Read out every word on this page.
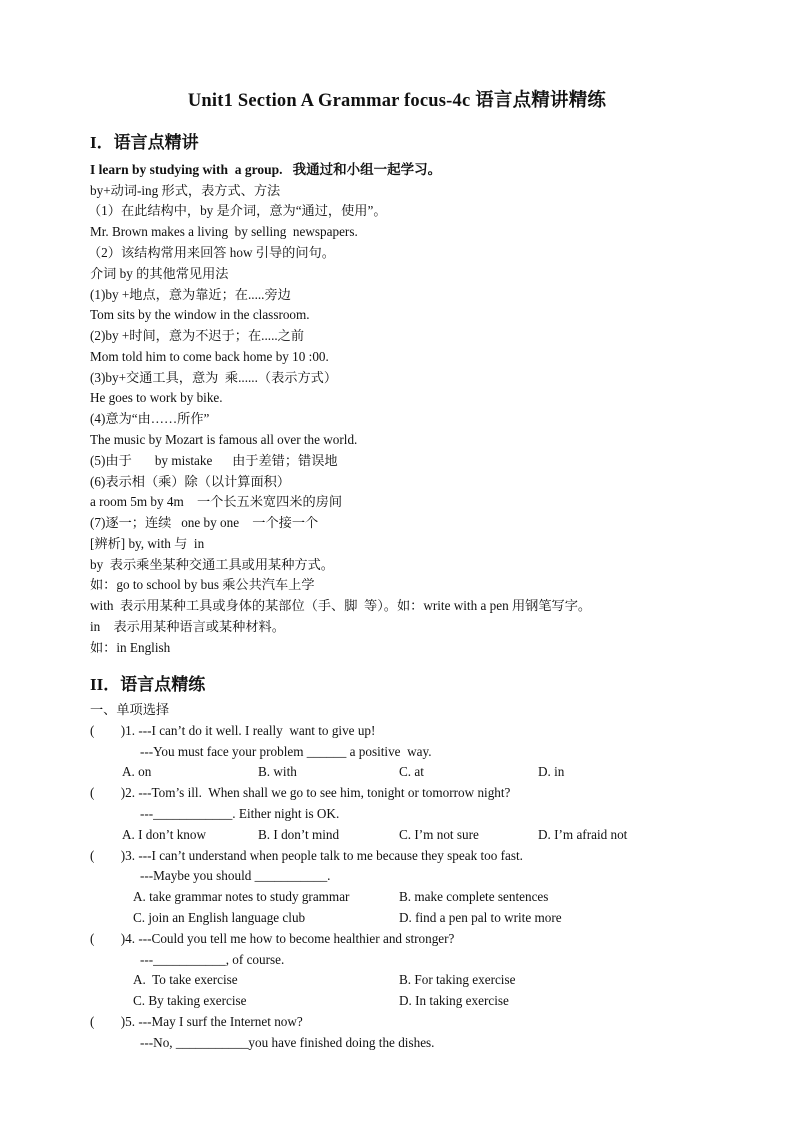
Unit1 Section A Grammar focus-4c 语言点精讲精练
I．语言点精讲
I learn by studying with  a group.   我通过和小组一起学习。
by+动词-ing 形式，表方式、方法
（1）在此结构中，by 是介词，意为“通过，使用”。
Mr. Brown makes a living  by selling  newspapers.
（2）该结构常用来回答 how 引导的问句。
介词 by 的其他常见用法
(1)by +地点，意为靠近；在.....旁边
Tom sits by the window in the classroom.
(2)by +时间，意为不迟于；在.....之前
Mom told him to come back home by 10 :00.
(3)by+交通工具，意为  乘......（表示方式）
He goes to work by bike.
(4)意为“由……所作”
The music by Mozart is famous all over the world.
(5)由于       by mistake      由于差错；错误地
(6)表示相（乘）除（以计算面积）
a room 5m by 4m    一个长五米宽四米的房间
(7)逐一；连续   one by one    一个接一个
[辨析] by, with 与  in
by  表示乘坐某种交通工具或用某种方式。
如：go to school by bus 乘公共汽车上学
with  表示用某种工具或身体的某部位（手、脚  等）。如：write with a pen 用钢笔写字。
in    表示用某种语言或某种材料。
如：in English
II．语言点精练
一、单项选择
(        )1. ---I can’t do it well. I really  want to give up!
---You must face your problem ______ a positive  way.
A. on	B. with	C. at	D. in
(        )2. ---Tom’s ill.  When shall we go to see him, tonight or tomorrow night?
---____________. Either night is OK.
A. I don’t know	B. I don’t mind	C. I’m not sure	D. I’m afraid not
(        )3. ---I can’t understand when people talk to me because they speak too fast.
---Maybe you should ___________.
A. take grammar notes to study grammar	B. make complete sentences
C. join an English language club	D. find a pen pal to write more
(        )4. ---Could you tell me how to become healthier and stronger?
---___________, of course.
A.  To take exercise	B. For taking exercise
C. By taking exercise	D. In taking exercise
(        )5. ---May I surf the Internet now?
---No, ___________you have finished doing the dishes.
